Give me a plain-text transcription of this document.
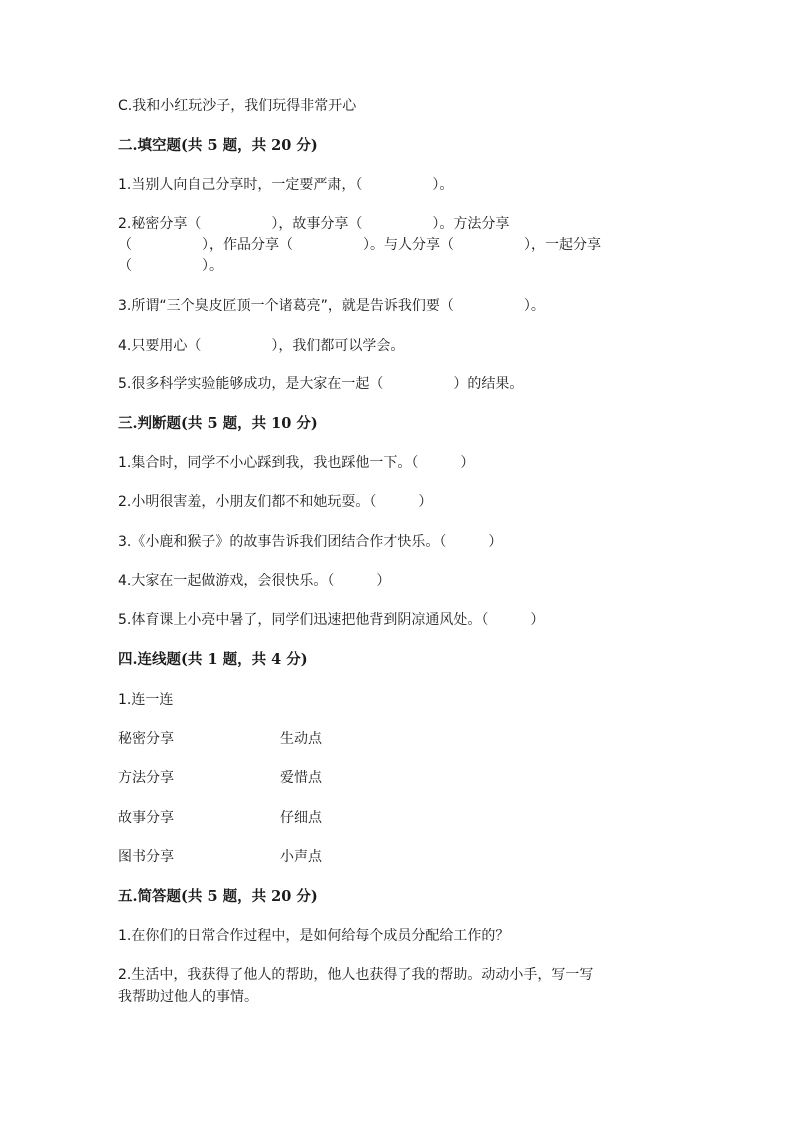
C.我和小红玩沙子，我们玩得非常开心
二.填空题(共 5 题，共 20 分)
1.当别人向自己分享时，一定要严肃，（　　　　　）。
2.秘密分享（　　　　　），故事分享（　　　　　）。方法分享
（　　　　　），作品分享（　　　　　）。与人分享（　　　　　），一起分享
（　　　　　）。
3.所谓“三个臭皮匠顶一个诸葛亮”，就是告诉我们要（　　　　　）。
4.只要用心（　　　　　），我们都可以学会。
5.很多科学实验能够成功，是大家在一起（　　　　　）的结果。
三.判断题(共 5 题，共 10 分)
1.集合时，同学不小心踩到我，我也踩他一下。（　　　）
2.小明很害羞，小朋友们都不和她玩耍。（　　　）
3.《小鹿和猴子》的故事告诉我们团结合作才快乐。（　　　）
4.大家在一起做游戏，会很快乐。（　　　）
5.体育课上小亮中暑了，同学们迅速把他背到阴凉通风处。（　　　）
四.连线题(共 1 题，共 4 分)
1.连一连
秘密分享	生动点
方法分享	爱惜点
故事分享	仔细点
图书分享	小声点
五.简答题(共 5 题，共 20 分)
1.在你们的日常合作过程中，是如何给每个成员分配给工作的？
2.生活中，我获得了他人的帮助，他人也获得了我的帮助。动动小手，写一写
我帮助过他人的事情。
